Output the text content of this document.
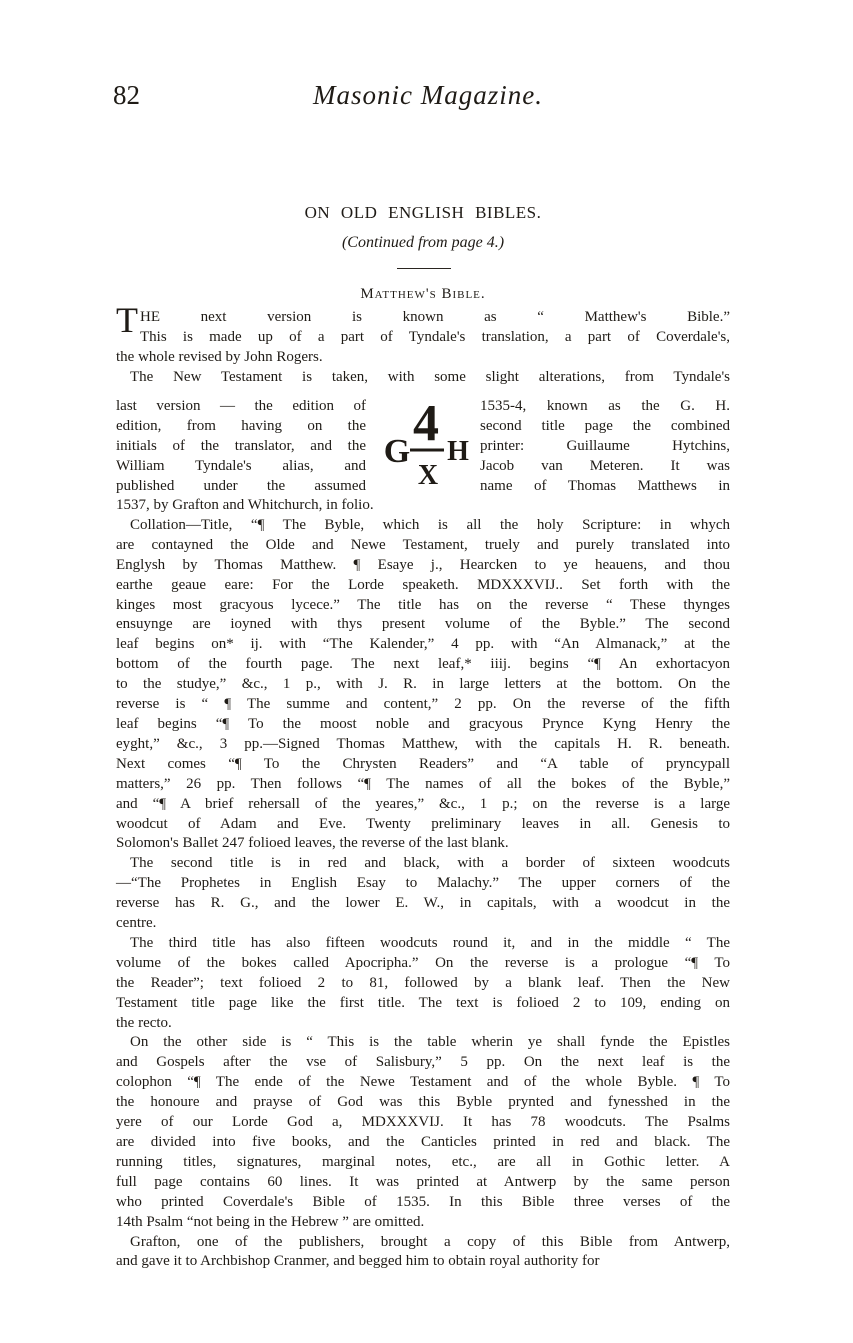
82	Masonic Magazine.
ON OLD ENGLISH BIBLES.
(Continued from page 4.)
Matthew's Bible.
THE next version is known as “ Matthew's Bible.”
This is made up of a part of Tyndale's translation, a part of Coverdale's,
the whole revised by John Rogers.
The New Testament is taken, with some slight alterations, from Tyndale's
last version — the edition of
edition, from having on the
initials of the translator, and the
William Tyndale's alias, and
published under the assumed
4
G H
X
1535-4, known as the G. H.
second title page the combined
printer: Guillaume Hytchins,
Jacob van Meteren. It was
name of Thomas Matthews in
1537, by Grafton and Whitchurch, in folio.
Collation—Title, “¶ The Byble, which is all the holy Scripture: in whych
are contayned the Olde and Newe Testament, truely and purely translated into
Englysh by Thomas Matthew. ¶ Esaye j., Hearcken to ye heauens, and thou
earthe geaue eare: For the Lorde speaketh. MDXXXVIJ.. Set forth with the
kinges most gracyous lycece.” The title has on the reverse “ These thynges
ensuynge are ioyned with thys present volume of the Byble.” The second
leaf begins on* ij. with “The Kalender,” 4 pp. with “An Almanack,” at the
bottom of the fourth page. The next leaf,* iiij. begins “¶ An exhortacyon
to the studye,” &c., 1 p., with J. R. in large letters at the bottom. On the
reverse is “ ¶ The summe and content,” 2 pp. On the reverse of the fifth
leaf begins “¶ To the moost noble and gracyous Prynce Kyng Henry the
eyght,” &c., 3 pp.—Signed Thomas Matthew, with the capitals H. R. beneath.
Next comes “¶ To the Chrysten Readers” and “A table of pryncypall
matters,” 26 pp. Then follows “¶ The names of all the bokes of the Byble,”
and “¶ A brief rehersall of the yeares,” &c., 1 p.; on the reverse is a large
woodcut of Adam and Eve. Twenty preliminary leaves in all. Genesis to
Solomon's Ballet 247 folioed leaves, the reverse of the last blank.
The second title is in red and black, with a border of sixteen woodcuts
—“The Prophetes in English Esay to Malachy.” The upper corners of the
reverse has R. G., and the lower E. W., in capitals, with a woodcut in the
centre.
The third title has also fifteen woodcuts round it, and in the middle “ The
volume of the bokes called Apocripha.” On the reverse is a prologue “¶ To
the Reader”; text folioed 2 to 81, followed by a blank leaf. Then the New
Testament title page like the first title. The text is folioed 2 to 109, ending on
the recto.
On the other side is “ This is the table wherin ye shall fynde the Epistles
and Gospels after the vse of Salisbury,” 5 pp. On the next leaf is the
colophon “¶ The ende of the Newe Testament and of the whole Byble. ¶ To
the honoure and prayse of God was this Byble prynted and fynesshed in the
yere of our Lorde God a, MDXXXVIJ. It has 78 woodcuts. The Psalms
are divided into five books, and the Canticles printed in red and black. The
running titles, signatures, marginal notes, etc., are all in Gothic letter. A
full page contains 60 lines. It was printed at Antwerp by the same person
who printed Coverdale's Bible of 1535. In this Bible three verses of the
14th Psalm “not being in the Hebrew ” are omitted.
Grafton, one of the publishers, brought a copy of this Bible from Antwerp,
and gave it to Archbishop Cranmer, and begged him to obtain royal authority for
